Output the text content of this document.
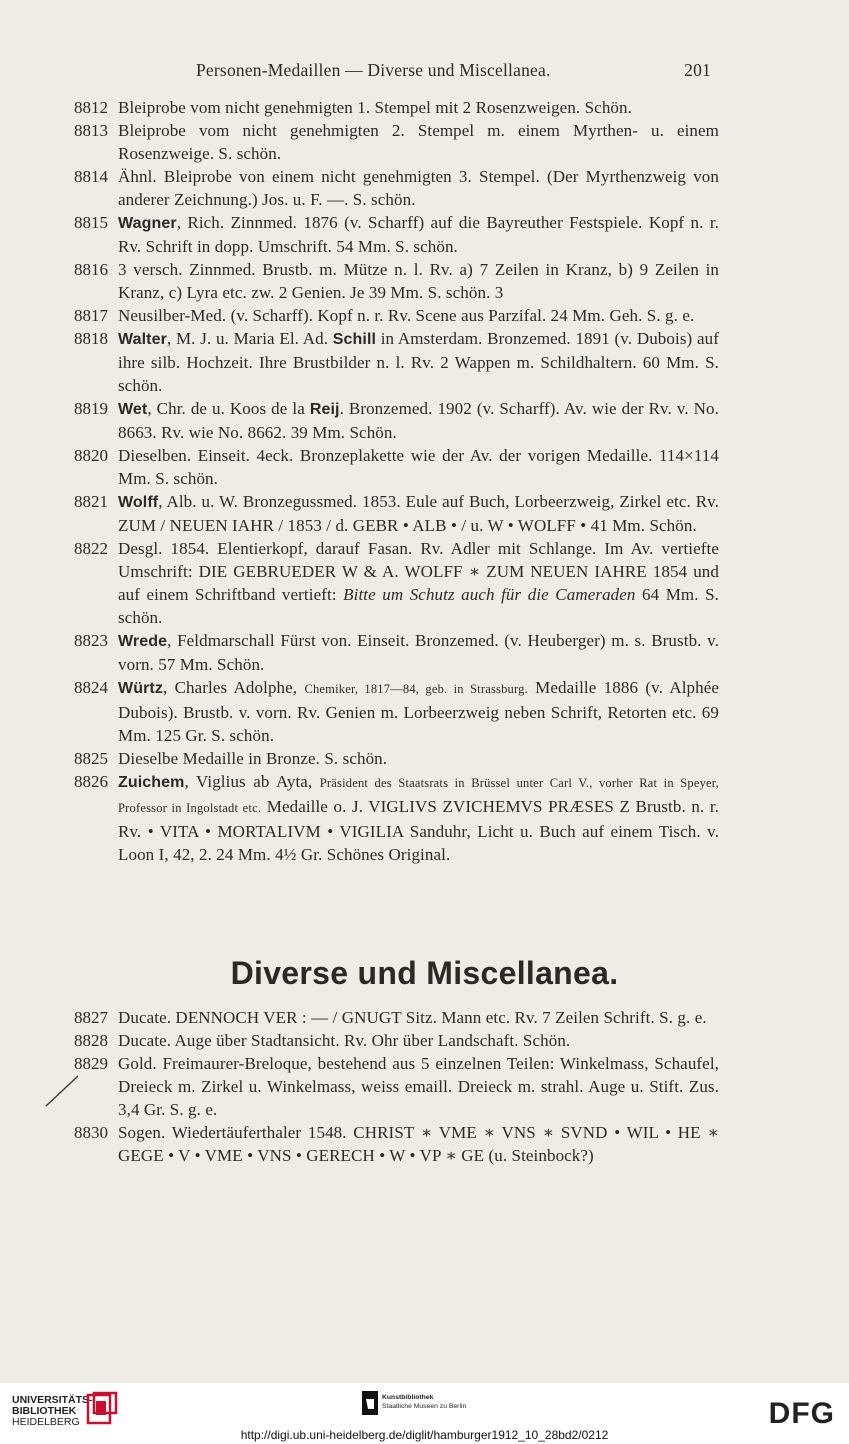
Personen-Medaillen — Diverse und Miscellanea.	201
8812 Bleiprobe vom nicht genehmigten 1. Stempel mit 2 Rosenzweigen. Schön.
8813 Bleiprobe vom nicht genehmigten 2. Stempel m. einem Myrthen- u. einem Rosenzweige. S. schön.
8814 Ähnl. Bleiprobe von einem nicht genehmigten 3. Stempel. (Der Myrthenzweig von anderer Zeichnung.) Jos. u. F. —. S. schön.
8815 Wagner, Rich. Zinnmed. 1876 (v. Scharff) auf die Bayreuther Festspiele. Kopf n. r. Rv. Schrift in dopp. Umschrift. 54 Mm. S. schön.
8816 3 versch. Zinnmed. Brustb. m. Mütze n. l. Rv. a) 7 Zeilen in Kranz, b) 9 Zeilen in Kranz, c) Lyra etc. zw. 2 Genien. Je 39 Mm. S. schön. 3
8817 Neusilber-Med. (v. Scharff). Kopf n. r. Rv. Scene aus Parzifal. 24 Mm. Geh. S. g. e.
8818 Walter, M. J. u. Maria El. Ad. Schill in Amsterdam. Bronzemed. 1891 (v. Dubois) auf ihre silb. Hochzeit. Ihre Brustbilder n. l. Rv. 2 Wappen m. Schildhaltern. 60 Mm. S. schön.
8819 Wet, Chr. de u. Koos de la Reij. Bronzemed. 1902 (v. Scharff). Av. wie der Rv. v. No. 8663. Rv. wie No. 8662. 39 Mm. Schön.
8820 Dieselben. Einseit. 4eck. Bronzeplakette wie der Av. der vorigen Medaille. 114×114 Mm. S. schön.
8821 Wolff, Alb. u. W. Bronzegussmed. 1853. Eule auf Buch, Lorbeerzweig, Zirkel etc. Rv. ZUM / NEUEN IAHR / 1853 / d. GEBR • ALB • / u. W • WOLFF • 41 Mm. Schön.
8822 Desgl. 1854. Elentierkopf, darauf Fasan. Rv. Adler mit Schlange. Im Av. vertiefte Umschrift: DIE GEBRUEDER W & A. WOLFF ∗ ZUM NEUEN IAHRE 1854 und auf einem Schriftband vertieft: Bitte um Schutz auch für die Cameraden 64 Mm. S. schön.
8823 Wrede, Feldmarschall Fürst von. Einseit. Bronzemed. (v. Heuberger) m. s. Brustb. v. vorn. 57 Mm. Schön.
8824 Würtz, Charles Adolphe, Chemiker, 1817—84, geb. in Strassburg. Medaille 1886 (v. Alphée Dubois). Brustb. v. vorn. Rv. Genien m. Lorbeerzweig neben Schrift, Retorten etc. 69 Mm. 125 Gr. S. schön.
8825 Dieselbe Medaille in Bronze. S. schön.
8826 Zuichem, Viglius ab Ayta, Präsident des Staatsrats in Brüssel unter Carl V., vorher Rat in Speyer, Professor in Ingolstadt etc. Medaille o. J. VIGLIVS ZVICHEMVS PRÆSES Z Brustb. n. r. Rv. • VITA • MORTALIVM • VIGILIA Sanduhr, Licht u. Buch auf einem Tisch. v. Loon I, 42, 2. 24 Mm. 4½ Gr. Schönes Original.
Diverse und Miscellanea.
8827 Ducate. DENNOCH VER : — / GNUGT Sitz. Mann etc. Rv. 7 Zeilen Schrift. S. g. e.
8828 Ducate. Auge über Stadtansicht. Rv. Ohr über Landschaft. Schön.
8829 Gold. Freimaurer-Breloque, bestehend aus 5 einzelnen Teilen: Winkelmass, Schaufel, Dreieck m. Zirkel u. Winkelmass, weiss emaill. Dreieck m. strahl. Auge u. Stift. Zus. 3,4 Gr. S. g. e.
8830 Sogen. Wiedertäuferthaler 1548. CHRIST ∗ VME ∗ VNS ∗ SVND • WIL • HE ∗ GEGE • V • VME • VNS • GERECH • W • VP ∗ GE (u. Steinbock?)
UNIVERSITÄTS-
BIBLIOTHEK
HEIDELBERG
Kunstbibliothek
Staatliche Museen zu Berlin	DFG
http://digi.ub.uni-heidelberg.de/diglit/hamburger1912_10_28bd2/0212
